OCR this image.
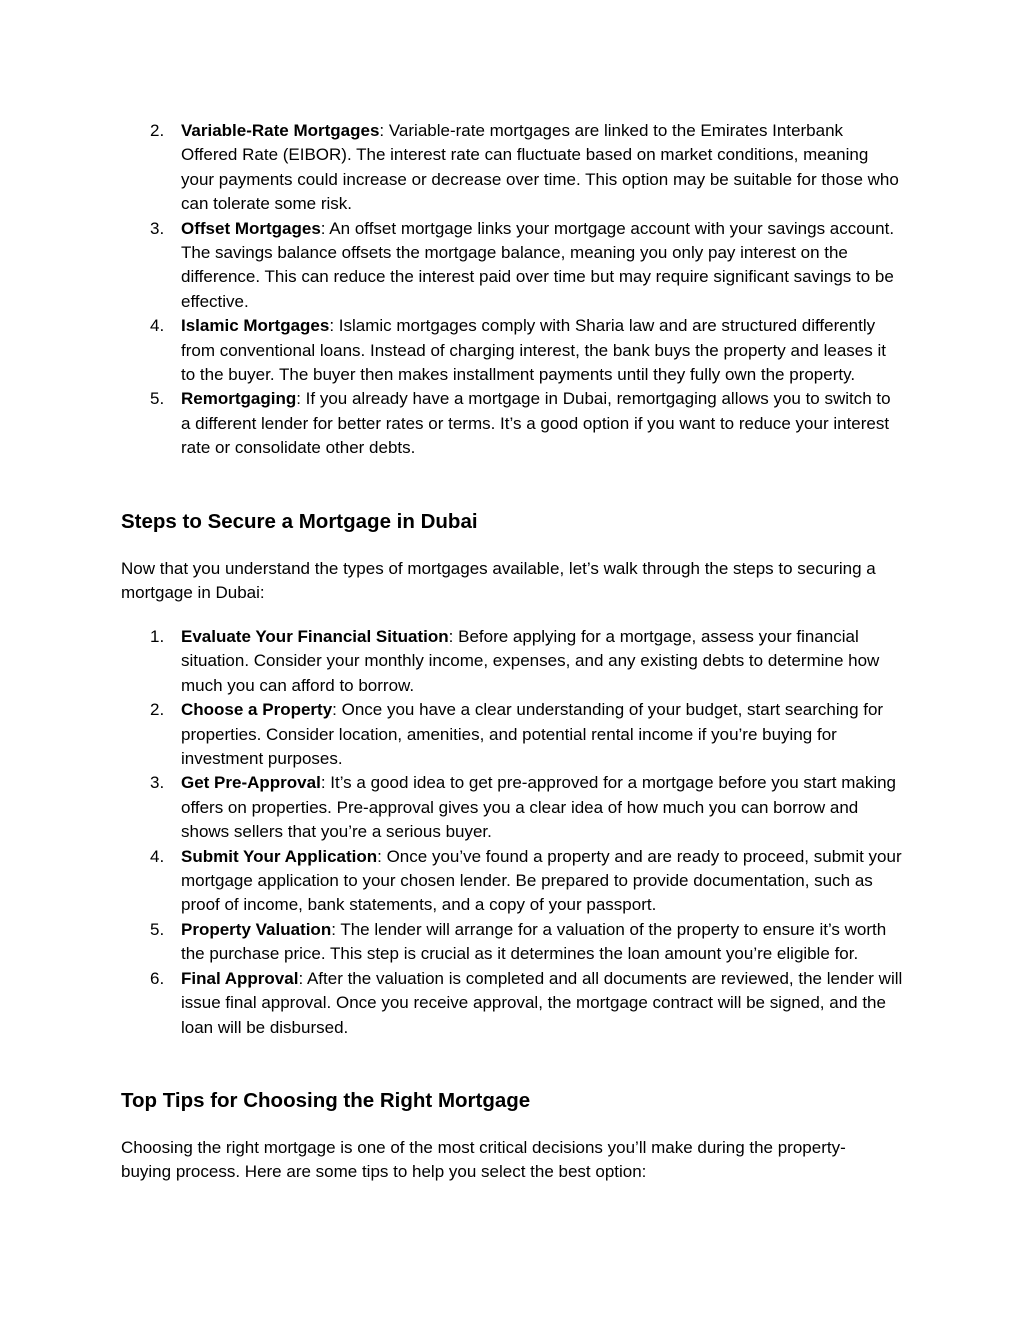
2. Variable-Rate Mortgages: Variable-rate mortgages are linked to the Emirates Interbank Offered Rate (EIBOR). The interest rate can fluctuate based on market conditions, meaning your payments could increase or decrease over time. This option may be suitable for those who can tolerate some risk.
3. Offset Mortgages: An offset mortgage links your mortgage account with your savings account. The savings balance offsets the mortgage balance, meaning you only pay interest on the difference. This can reduce the interest paid over time but may require significant savings to be effective.
4. Islamic Mortgages: Islamic mortgages comply with Sharia law and are structured differently from conventional loans. Instead of charging interest, the bank buys the property and leases it to the buyer. The buyer then makes installment payments until they fully own the property.
5. Remortgaging: If you already have a mortgage in Dubai, remortgaging allows you to switch to a different lender for better rates or terms. It’s a good option if you want to reduce your interest rate or consolidate other debts.
Steps to Secure a Mortgage in Dubai

Now that you understand the types of mortgages available, let’s walk through the steps to securing a mortgage in Dubai:

1. Evaluate Your Financial Situation: Before applying for a mortgage, assess your financial situation. Consider your monthly income, expenses, and any existing debts to determine how much you can afford to borrow.
2. Choose a Property: Once you have a clear understanding of your budget, start searching for properties. Consider location, amenities, and potential rental income if you’re buying for investment purposes.
3. Get Pre-Approval: It’s a good idea to get pre-approved for a mortgage before you start making offers on properties. Pre-approval gives you a clear idea of how much you can borrow and shows sellers that you’re a serious buyer.
4. Submit Your Application: Once you’ve found a property and are ready to proceed, submit your mortgage application to your chosen lender. Be prepared to provide documentation, such as proof of income, bank statements, and a copy of your passport.
5. Property Valuation: The lender will arrange for a valuation of the property to ensure it’s worth the purchase price. This step is crucial as it determines the loan amount you’re eligible for.
6. Final Approval: After the valuation is completed and all documents are reviewed, the lender will issue final approval. Once you receive approval, the mortgage contract will be signed, and the loan will be disbursed.
Top Tips for Choosing the Right Mortgage

Choosing the right mortgage is one of the most critical decisions you’ll make during the property-buying process. Here are some tips to help you select the best option:
